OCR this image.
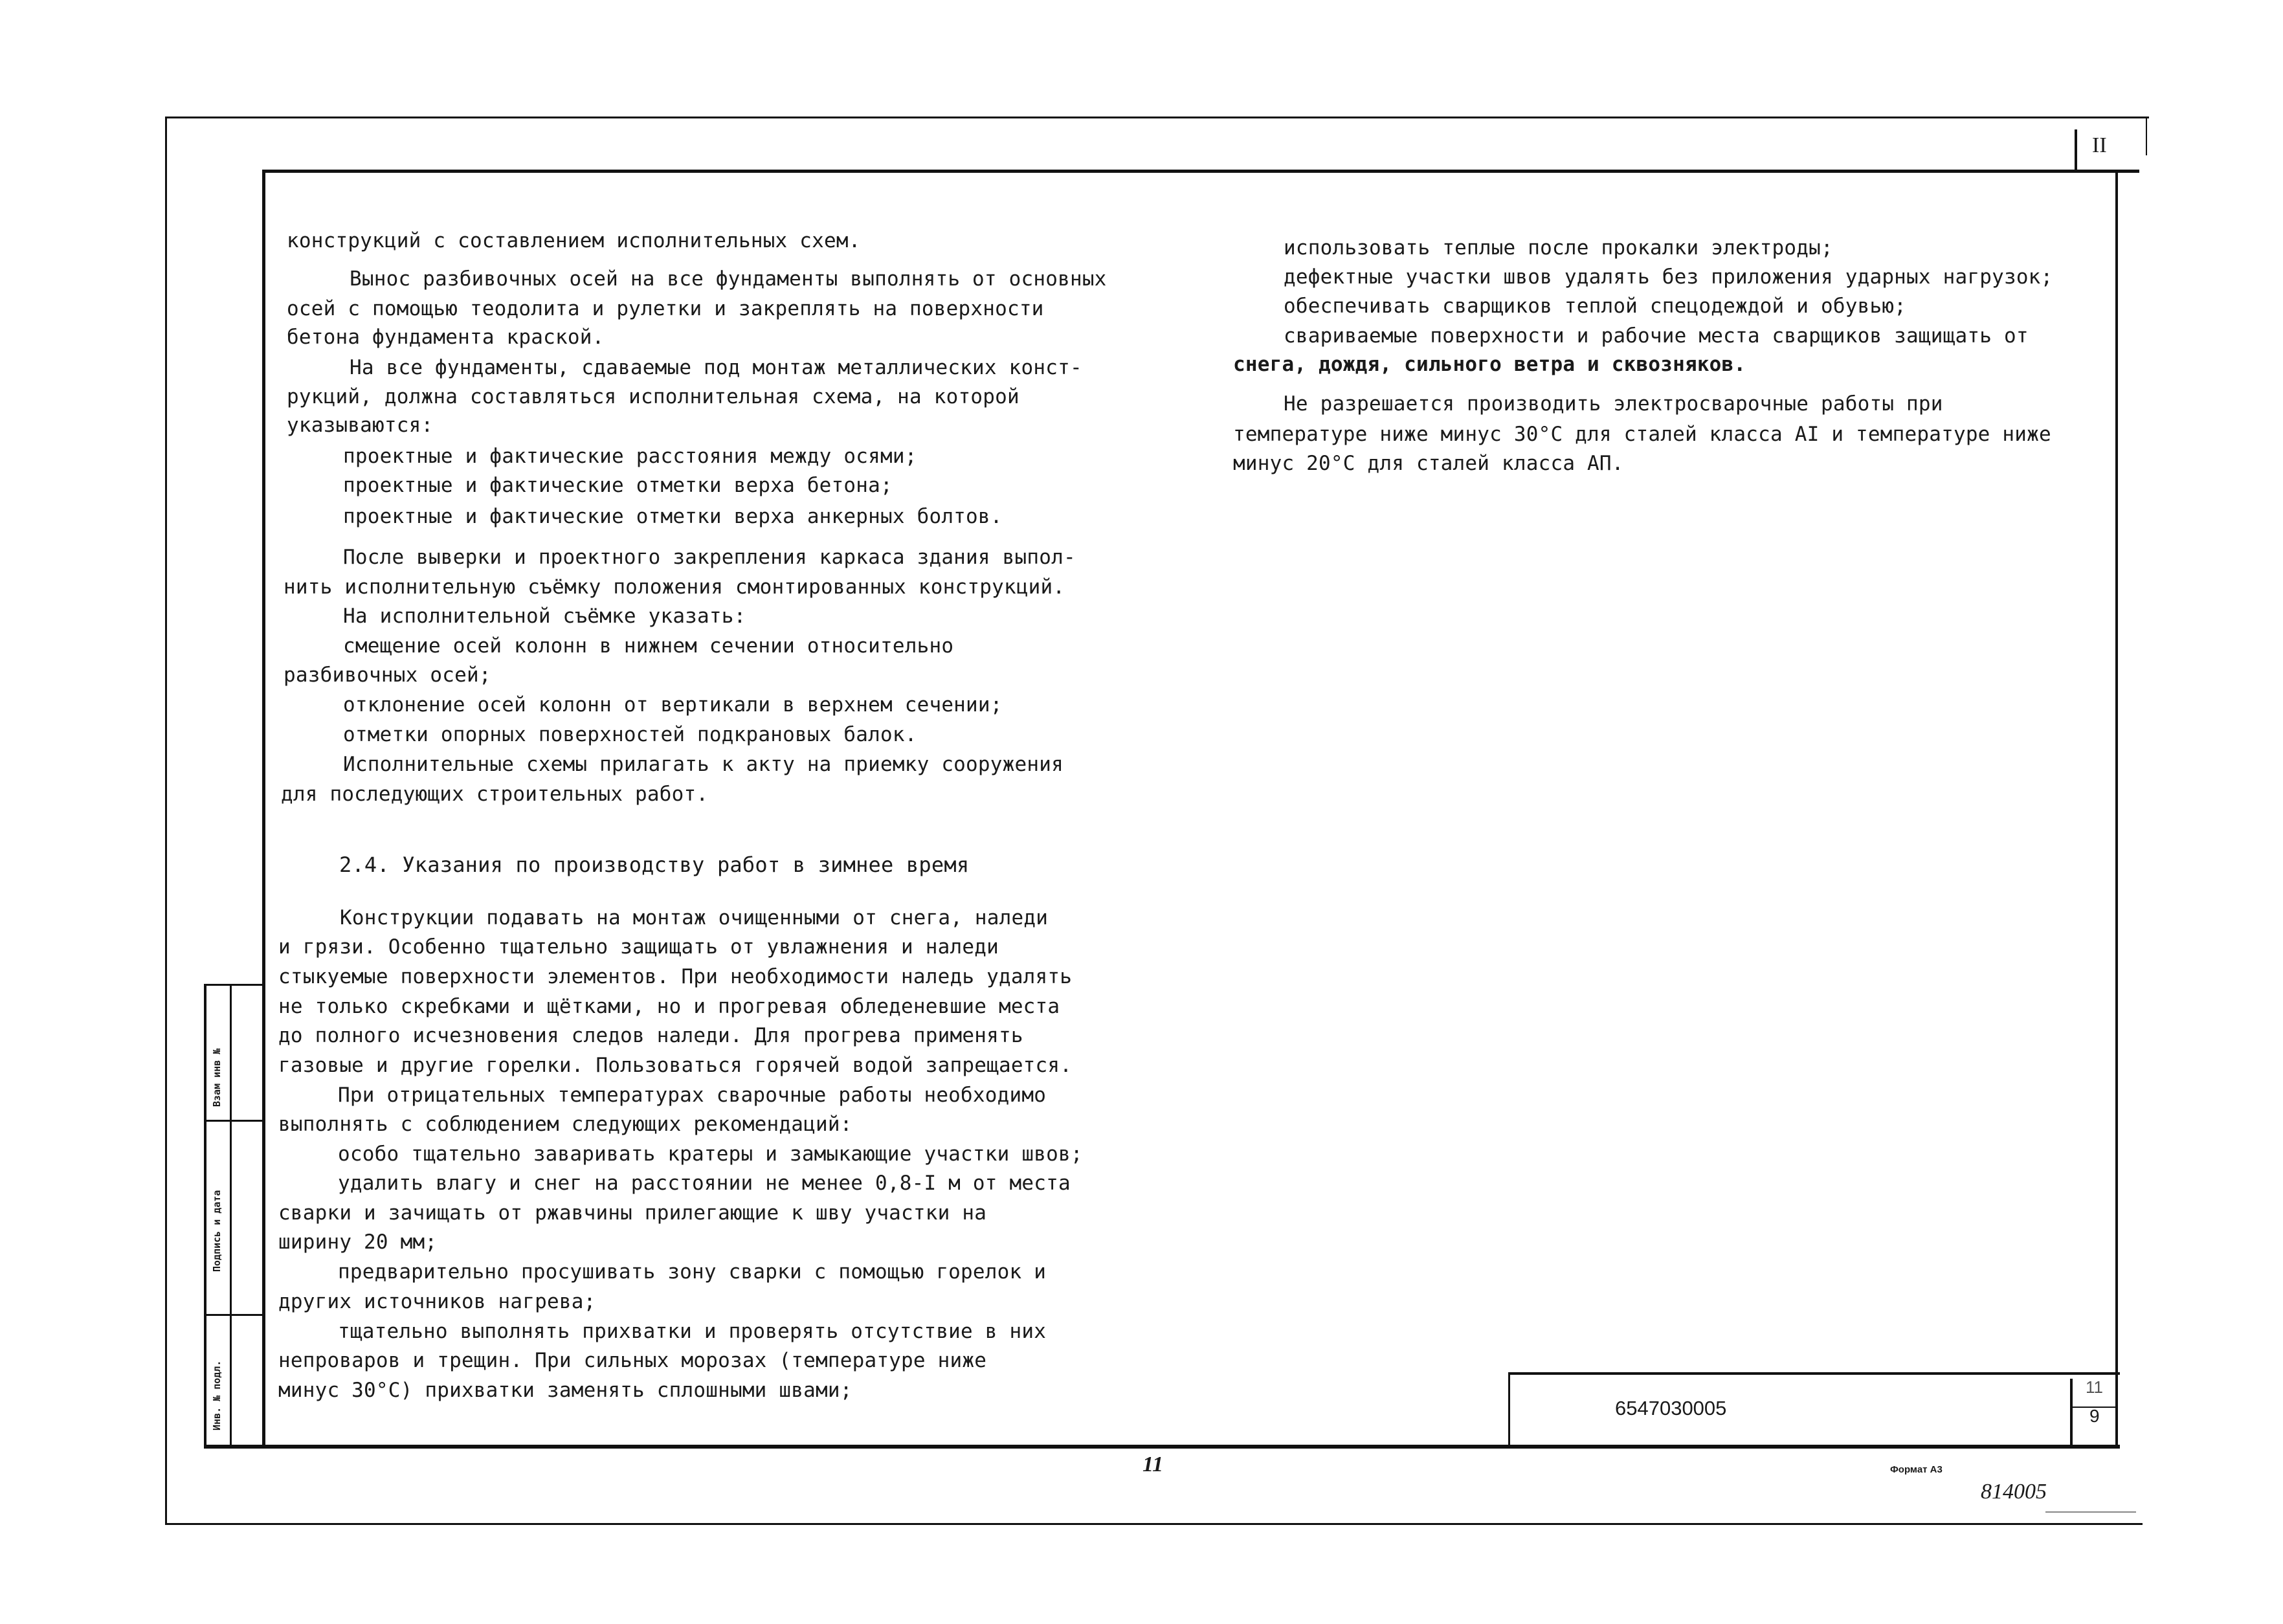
II
Взам инв №
Подпись и дата
Инв. № подл.	6547030005
11
9
11	Формат А3
814005
конструкций с составлением исполнительных схем.
Вынос разбивочных осей на все фундаменты выполнять от основных
осей с помощью теодолита и рулетки и закреплять на поверхности
бетона фундамента краской.
На все фундаменты, сдаваемые под монтаж металлических конст-
рукций, должна составляться исполнительная схема, на которой
указываются:
проектные и фактические расстояния между осями;
проектные и фактические отметки верха бетона;
проектные и фактические отметки верха анкерных болтов.
После выверки и проектного закрепления каркаса здания выпол-
нить исполнительную съёмку положения смонтированных конструкций.
На исполнительной съёмке указать:
смещение осей колонн в нижнем сечении относительно
разбивочных осей;
отклонение осей колонн от вертикали в верхнем сечении;
отметки опорных поверхностей подкрановых балок.
Исполнительные схемы прилагать к акту на приемку сооружения
для последующих строительных работ.
2.4. Указания по производству работ в зимнее время
Конструкции подавать на монтаж очищенными от снега, наледи
и грязи. Особенно тщательно защищать от увлажнения и наледи
стыкуемые поверхности элементов. При необходимости наледь удалять
не только скребками и щётками, но и прогревая обледеневшие места
до полного исчезновения следов наледи. Для прогрева применять
газовые и другие горелки. Пользоваться горячей водой запрещается.
При отрицательных температурах сварочные работы необходимо
выполнять с соблюдением следующих рекомендаций:
особо тщательно заваривать кратеры и замыкающие участки швов;
удалить влагу и снег на расстоянии не менее 0,8-I м от места
сварки и зачищать от ржавчины прилегающие к шву участки на
ширину 20 мм;
предварительно просушивать зону сварки с помощью горелок и
других источников нагрева;
тщательно выполнять прихватки и проверять отсутствие в них
непроваров и трещин. При сильных морозах (температуре ниже
минус 30°С) прихватки заменять сплошными швами;
использовать теплые после прокалки электроды;
дефектные участки швов удалять без приложения ударных нагрузок;
обеспечивать сварщиков теплой спецодеждой и обувью;
свариваемые поверхности и рабочие места сварщиков защищать от
снега, дождя, сильного ветра и сквозняков.
Не разрешается производить электросварочные работы при
температуре ниже минус 30°С для сталей класса АI и температуре ниже
минус 20°С для сталей класса АП.
